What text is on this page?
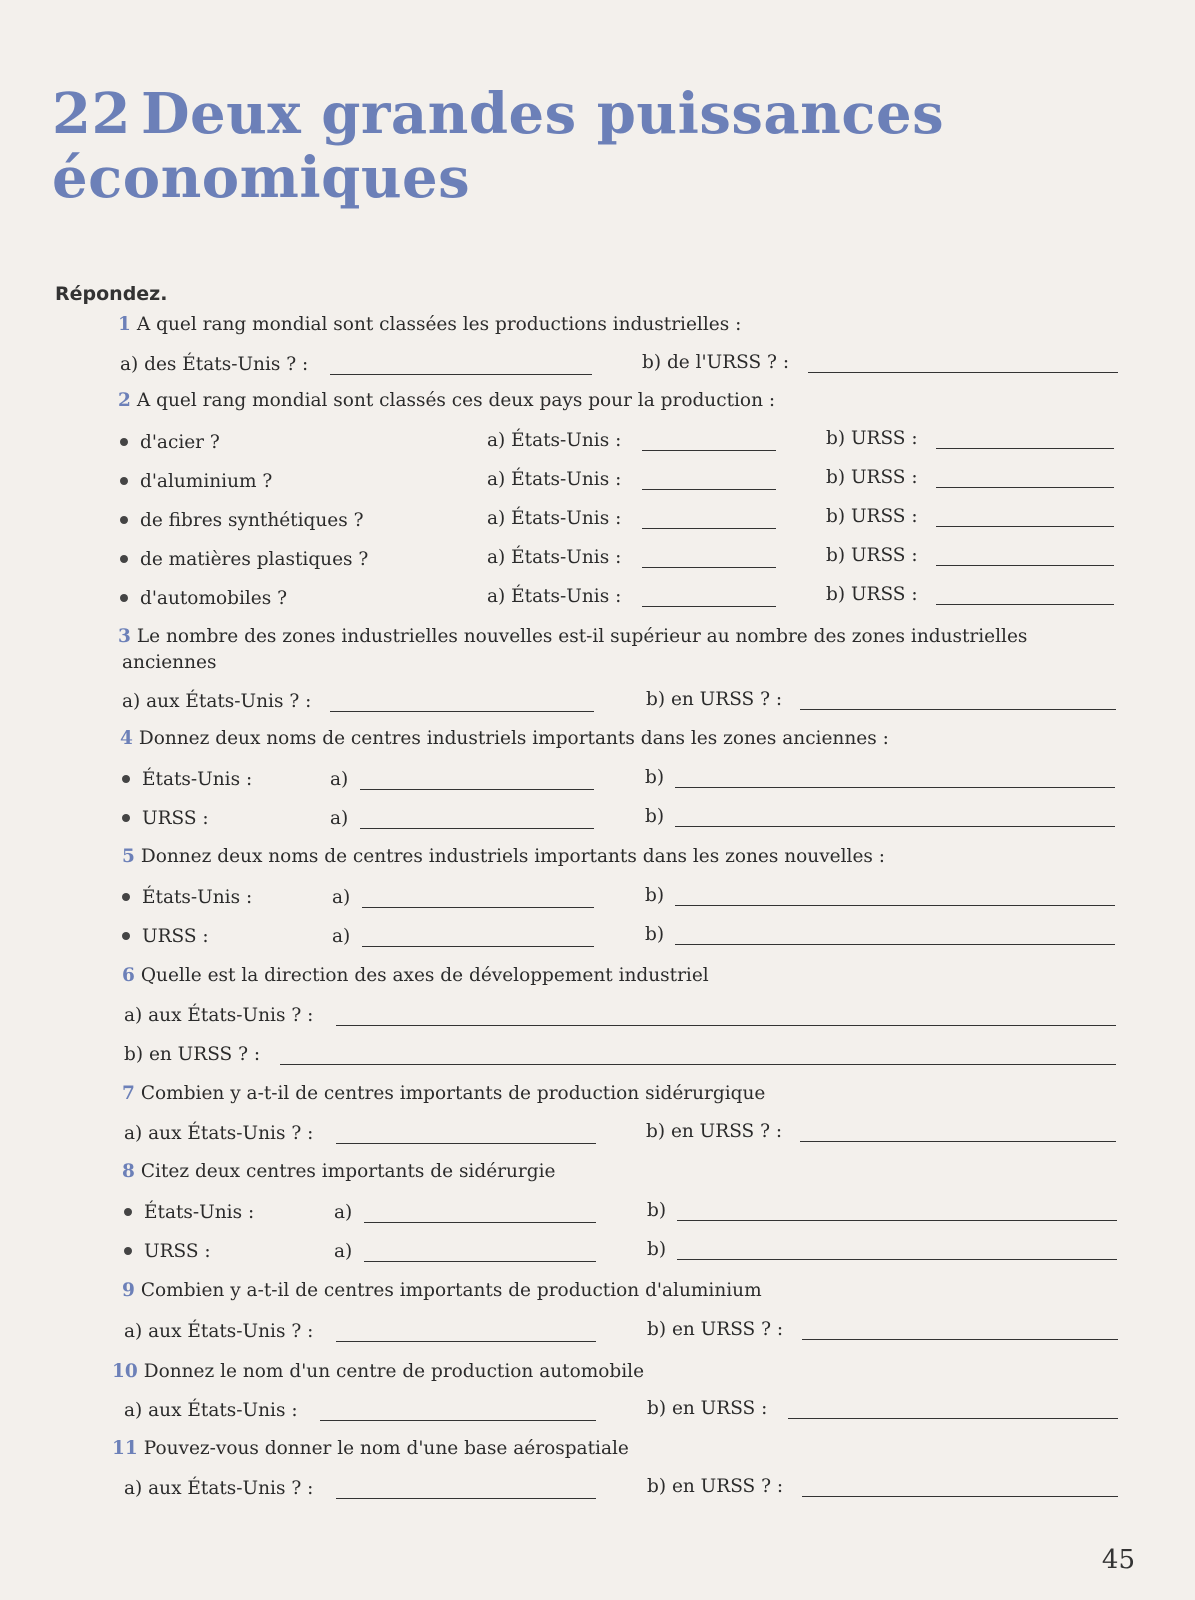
22 Deux grandes puissances
économiques
Répondez.
1 A quel rang mondial sont classées les productions industrielles :
a) des États-Unis ? :	b) de l'URSS ? :
2 A quel rang mondial sont classés ces deux pays pour la production :
d'acier ?	a) États-Unis :	b) URSS :
d'aluminium ?	a) États-Unis :	b) URSS :
de fibres synthétiques ?	a) États-Unis :	b) URSS :
de matières plastiques ?	a) États-Unis :	b) URSS :
d'automobiles ?	a) États-Unis :	b) URSS :
3 Le nombre des zones industrielles nouvelles est-il supérieur au nombre des zones industrielles
anciennes
a) aux États-Unis ? :	b) en URSS ? :
4 Donnez deux noms de centres industriels importants dans les zones anciennes :
États-Unis :	a)	b)
URSS :	a)	b)
5 Donnez deux noms de centres industriels importants dans les zones nouvelles :
États-Unis :	a)	b)
URSS :	a)	b)
6 Quelle est la direction des axes de développement industriel
a) aux États-Unis ? :
b) en URSS ? :
7 Combien y a-t-il de centres importants de production sidérurgique
a) aux États-Unis ? :	b) en URSS ? :
8 Citez deux centres importants de sidérurgie
États-Unis :	a)	b)
URSS :	a)	b)
9 Combien y a-t-il de centres importants de production d'aluminium
a) aux États-Unis ? :	b) en URSS ? :
10 Donnez le nom d'un centre de production automobile
a) aux États-Unis :	b) en URSS :
11 Pouvez-vous donner le nom d'une base aérospatiale
a) aux États-Unis ? :	b) en URSS ? :
45
